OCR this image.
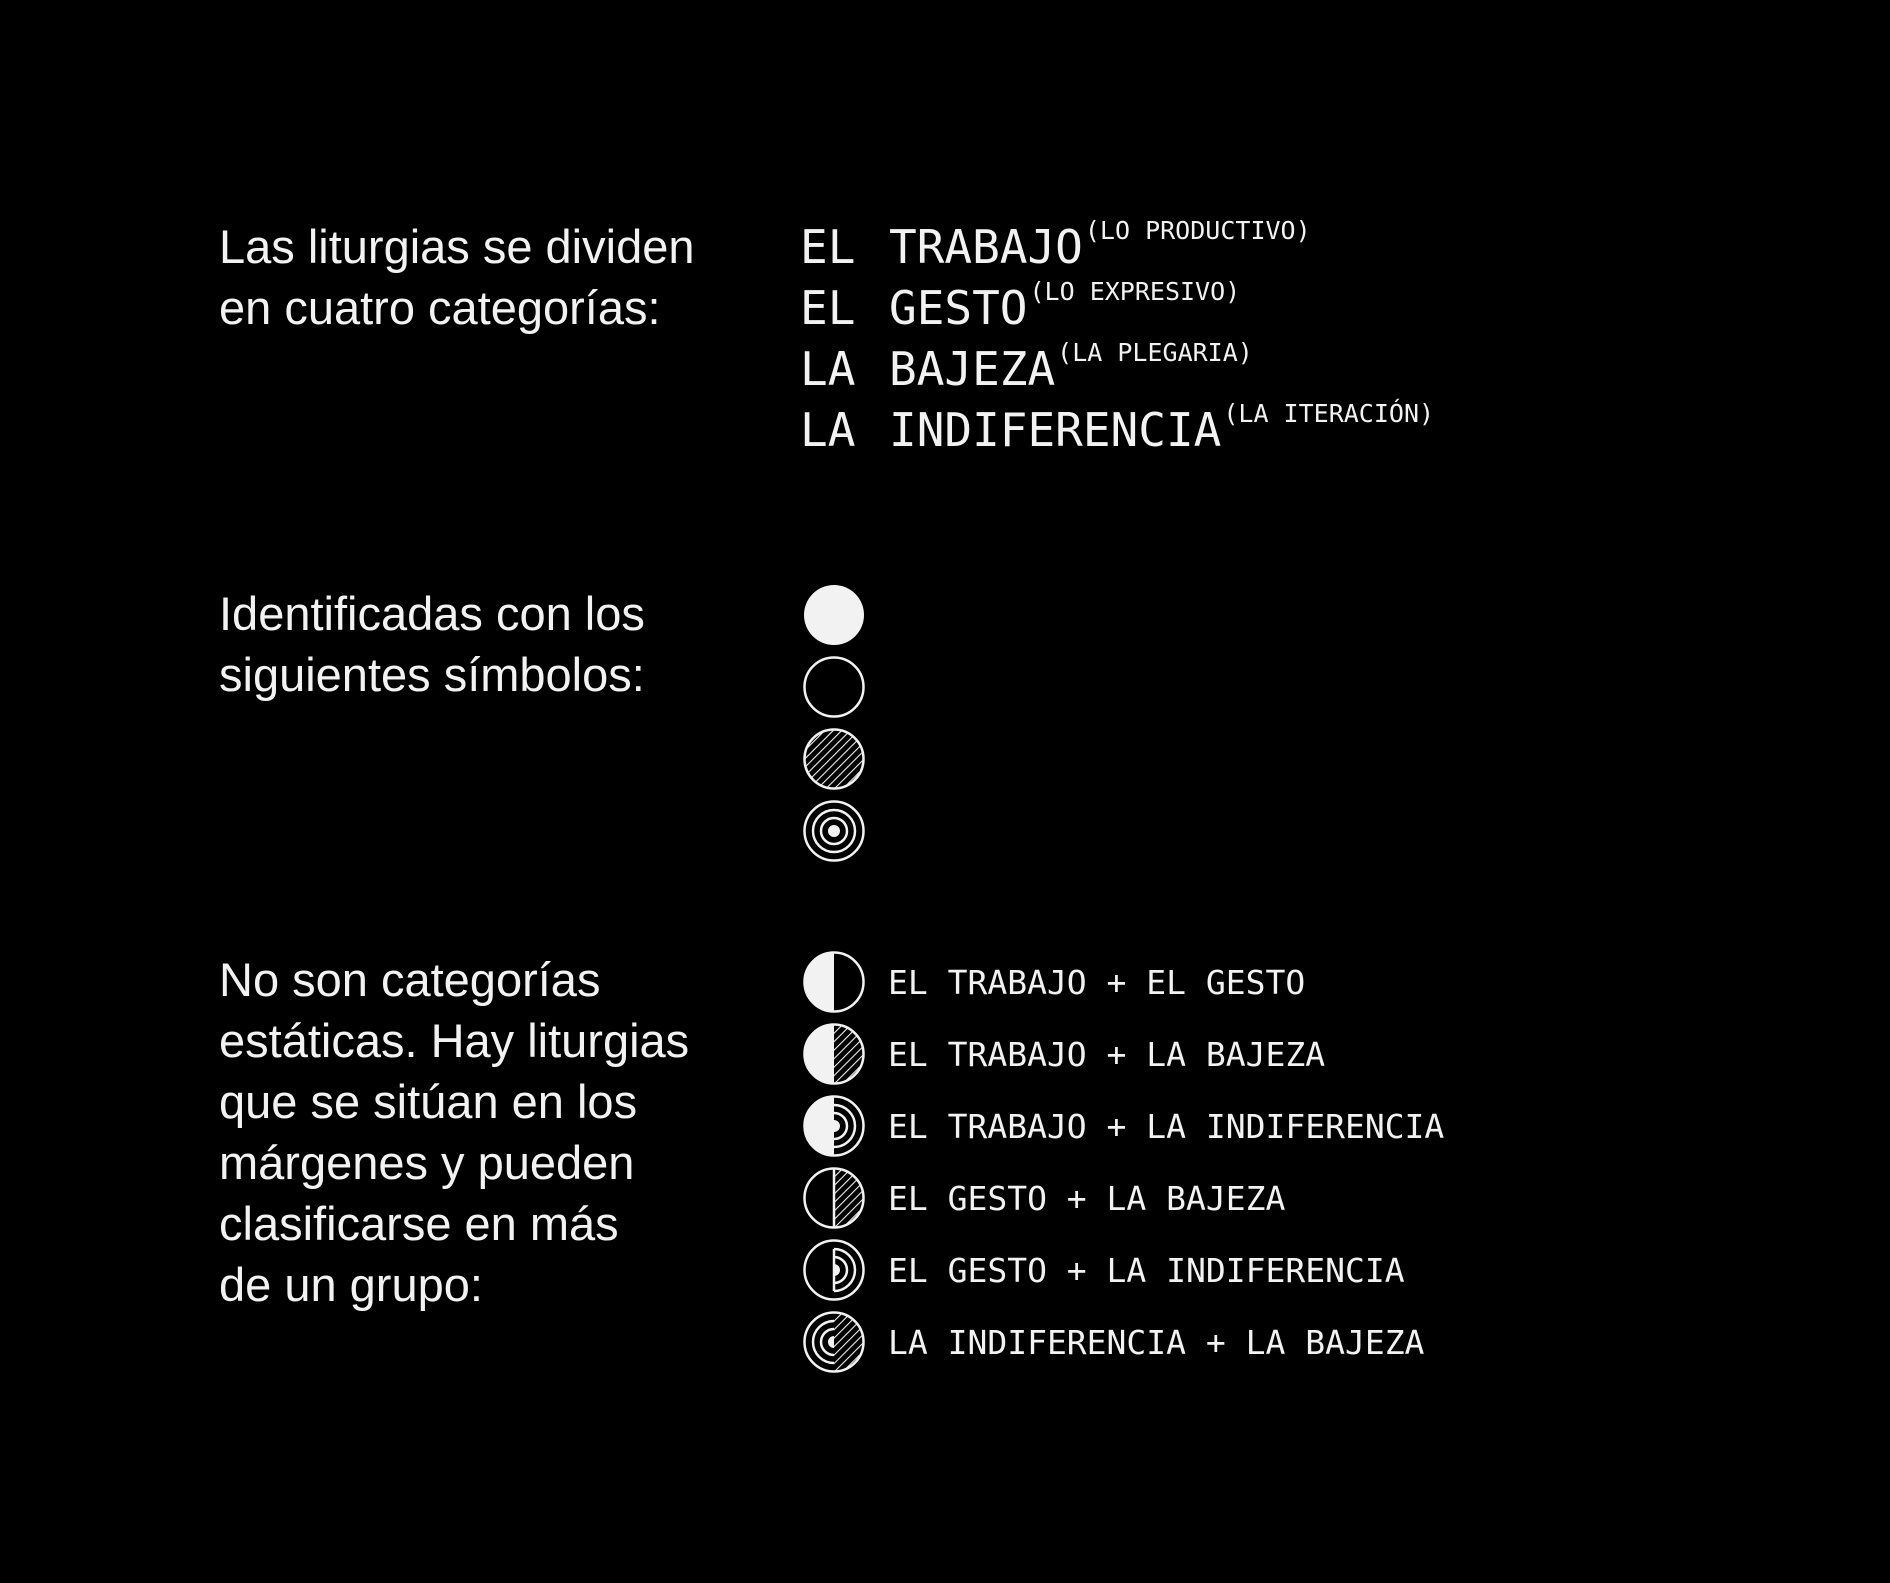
Las liturgias se dividen
en cuatro categorías:
EL TRABAJO(LO PRODUCTIVO)
EL GESTO(LO EXPRESIVO)
LA BAJEZA(LA PLEGARIA)
LA INDIFERENCIA(LA ITERACIÓN)
Identificadas con los
siguientes símbolos:
No son categorías
estáticas. Hay liturgias
que se sitúan en los
márgenes y pueden
clasificarse en más
de un grupo:
EL TRABAJO + EL GESTO
EL TRABAJO + LA BAJEZA
EL TRABAJO + LA INDIFERENCIA
EL GESTO + LA BAJEZA
EL GESTO + LA INDIFERENCIA
LA INDIFERENCIA + LA BAJEZA
